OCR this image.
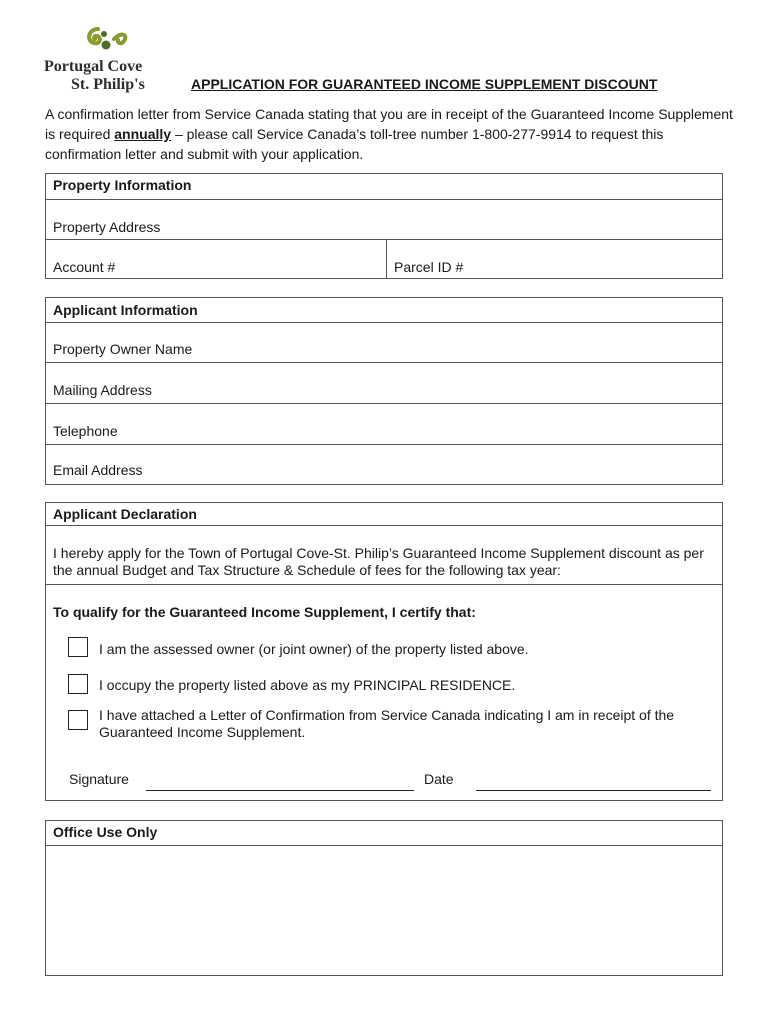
Portugal Cove
St. Philip's	APPLICATION FOR GUARANTEED INCOME SUPPLEMENT DISCOUNT
A confirmation letter from Service Canada stating that you are in receipt of the Guaranteed Income Supplement is required annually – please call Service Canada’s toll-tree number 1-800-277-9914 to request this confirmation letter and submit with your application.
Property Information
Property Address
Account #	Parcel ID #
Applicant Information
Property Owner Name
Mailing Address
Telephone
Email Address
Applicant Declaration
I hereby apply for the Town of Portugal Cove-St. Philip’s Guaranteed Income Supplement discount as per the annual Budget and Tax Structure & Schedule of fees for the following tax year:
To qualify for the Guaranteed Income Supplement, I certify that:
I am the assessed owner (or joint owner) of the property listed above.
I occupy the property listed above as my PRINCIPAL RESIDENCE.
I have attached a Letter of Confirmation from Service Canada indicating I am in receipt of the Guaranteed Income Supplement.
Signature	Date
Office Use Only
